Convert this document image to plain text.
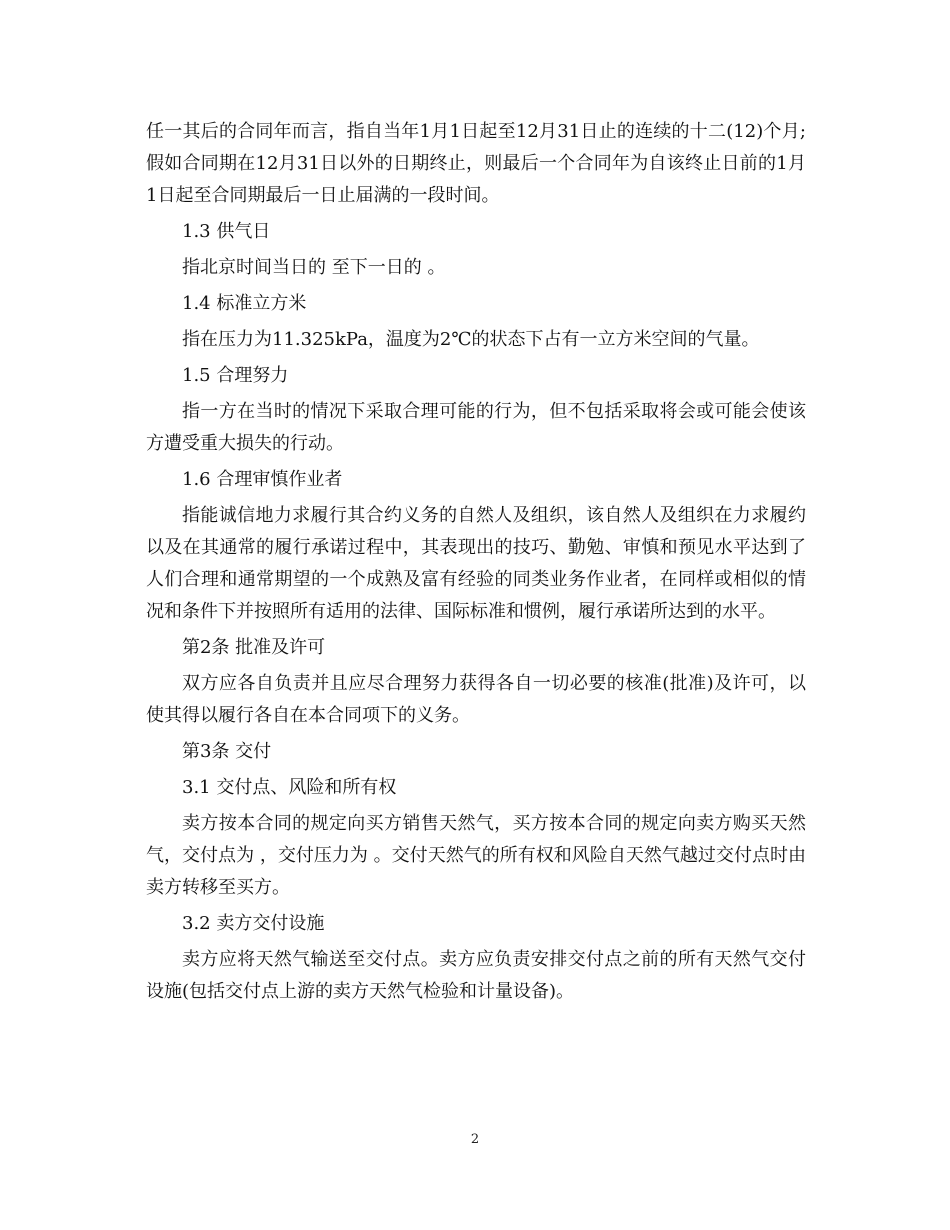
任一其后的合同年而言，指自当年1月1日起至12月31日止的连续的十二(12)个月;假如合同期在12月31日以外的日期终止，则最后一个合同年为自该终止日前的1月1日起至合同期最后一日止届满的一段时间。

1.3 供气日

指北京时间当日的 至下一日的 。

1.4 标准立方米

指在压力为11.325kPa，温度为2℃的状态下占有一立方米空间的气量。

1.5 合理努力

指一方在当时的情况下采取合理可能的行为，但不包括采取将会或可能会使该方遭受重大损失的行动。

1.6 合理审慎作业者

指能诚信地力求履行其合约义务的自然人及组织，该自然人及组织在力求履约以及在其通常的履行承诺过程中，其表现出的技巧、勤勉、审慎和预见水平达到了人们合理和通常期望的一个成熟及富有经验的同类业务作业者，在同样或相似的情况和条件下并按照所有适用的法律、国际标准和惯例，履行承诺所达到的水平。

第2条 批准及许可

双方应各自负责并且应尽合理努力获得各自一切必要的核准(批准)及许可，以使其得以履行各自在本合同项下的义务。

第3条 交付

3.1 交付点、风险和所有权

卖方按本合同的规定向买方销售天然气，买方按本合同的规定向卖方购买天然气，交付点为 ，交付压力为 。交付天然气的所有权和风险自天然气越过交付点时由卖方转移至买方。

3.2 卖方交付设施

卖方应将天然气输送至交付点。卖方应负责安排交付点之前的所有天然气交付设施(包括交付点上游的卖方天然气检验和计量设备)。

2
